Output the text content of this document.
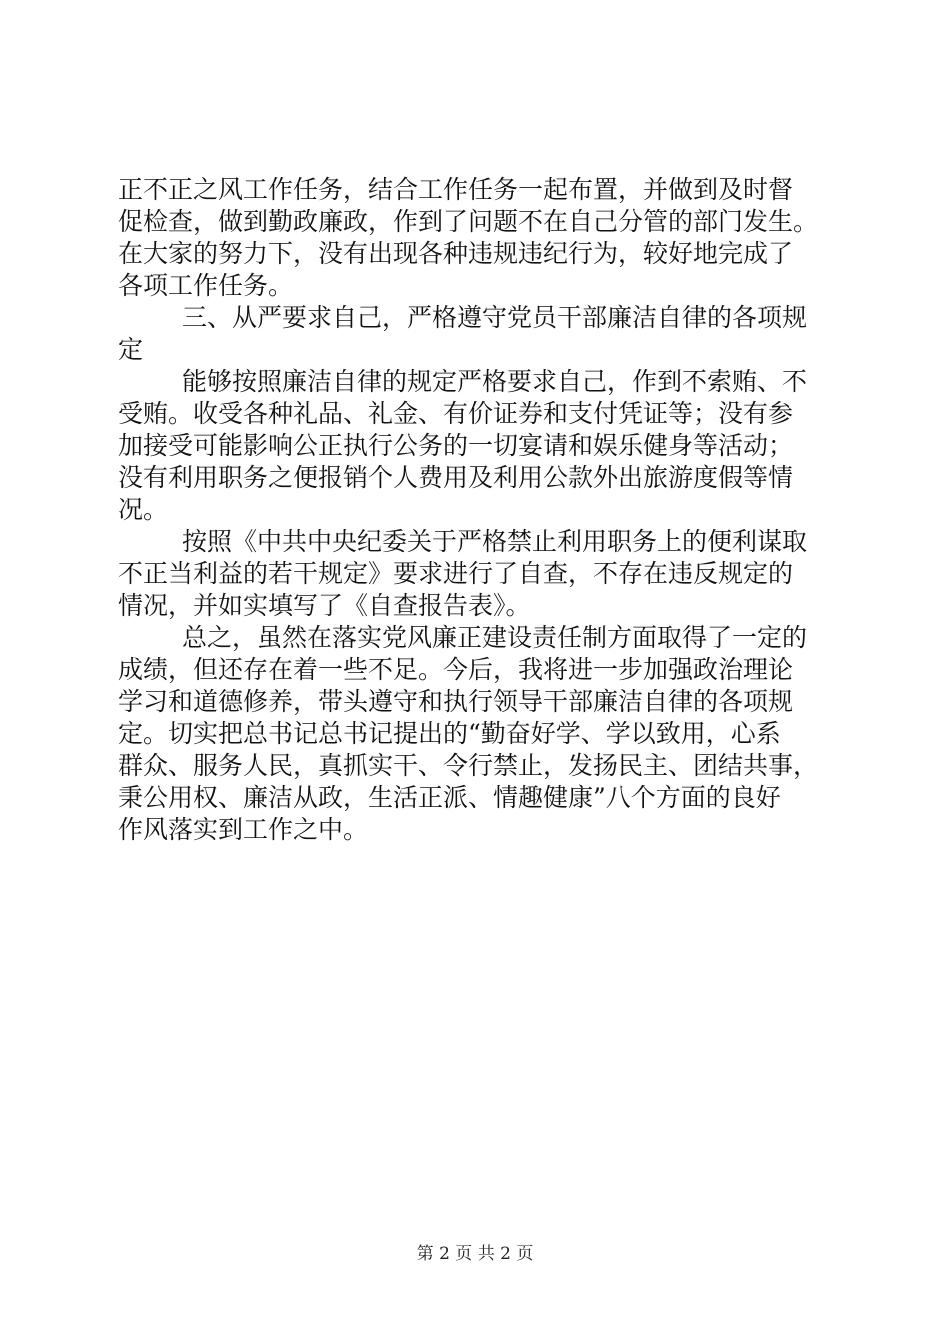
正不正之风工作任务，结合工作任务一起布置，并做到及时督
促检查，做到勤政廉政，作到了问题不在自己分管的部门发生。
在大家的努力下，没有出现各种违规违纪行为，较好地完成了
各项工作任务。
三、从严要求自己，严格遵守党员干部廉洁自律的各项规
定
能够按照廉洁自律的规定严格要求自己，作到不索贿、不
受贿。收受各种礼品、礼金、有价证券和支付凭证等；没有参
加接受可能影响公正执行公务的一切宴请和娱乐健身等活动；
没有利用职务之便报销个人费用及利用公款外出旅游度假等情
况。
按照《中共中央纪委关于严格禁止利用职务上的便利谋取
不正当利益的若干规定》要求进行了自查，不存在违反规定的
情况，并如实填写了《自查报告表》。
总之，虽然在落实党风廉正建设责任制方面取得了一定的
成绩，但还存在着一些不足。今后，我将进一步加强政治理论
学习和道德修养，带头遵守和执行领导干部廉洁自律的各项规
定。切实把总书记总书记提出的“勤奋好学、学以致用，心系
群众、服务人民，真抓实干、令行禁止，发扬民主、团结共事，
秉公用权、廉洁从政，生活正派、情趣健康”八个方面的良好
作风落实到工作之中。
第 2 页 共 2 页
